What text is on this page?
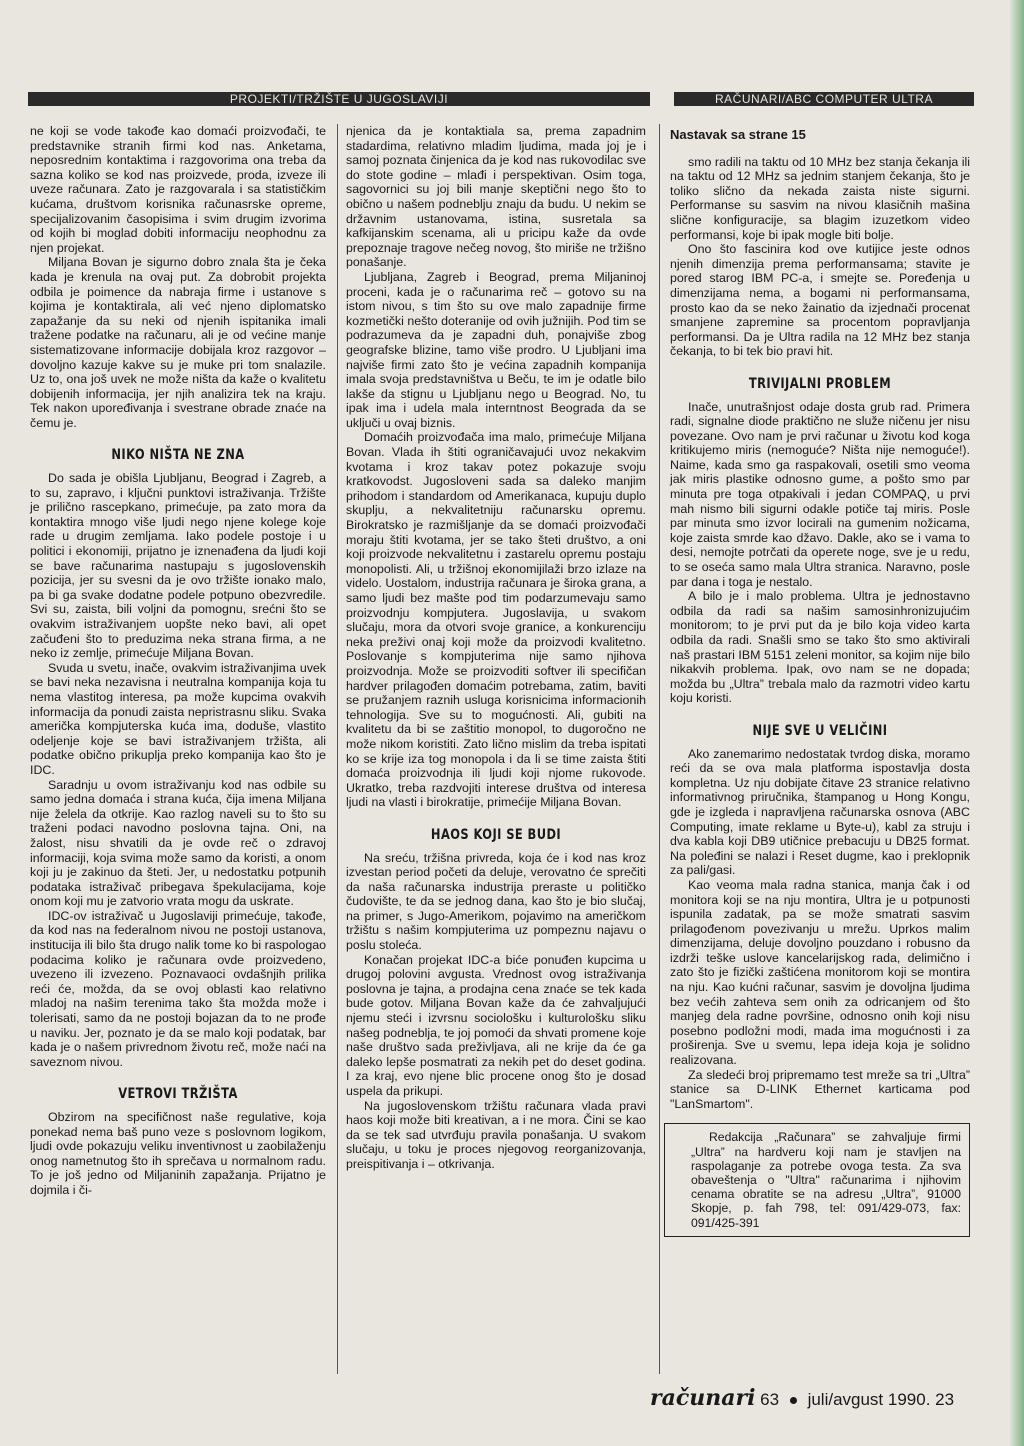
PROJEKTI/TRŽIŠTE U JUGOSLAVIJI	RAČUNARI/ABC COMPUTER ULTRA

ne koji se vode takođe kao domaći proizvođači, te predstavnike stranih firmi kod nas. Anketama, neposrednim kontaktima i razgovorima ona treba da sazna koliko se kod nas proizvede, proda, izveze ili uveze računara. Zato je razgovarala i sa statističkim kućama, društvom korisnika računasrske opreme, specijalizovanim časopisima i svim drugim izvorima od kojih bi moglad dobiti informaciju neophodnu za njen projekat.

Miljana Bovan je sigurno dobro znala šta je čeka kada je krenula na ovaj put. Za dobrobit projekta odbila je poimence da nabraja firme i ustanove s kojima je kontaktirala, ali već njeno diplomatsko zapažanje da su neki od njenih ispitanika imali tražene podatke na računaru, ali je od većine manje sistematizovane informacije dobijala kroz razgovor – dovoljno kazuje kakve su je muke pri tom snalazile. Uz to, ona još uvek ne može ništa da kaže o kvalitetu dobijenih informacija, jer njih analizira tek na kraju. Tek nakon upoređivanja i svestrane obrade znaće na čemu je.

NIKO NIŠTA NE ZNA

Do sada je obišla Ljubljanu, Beograd i Zagreb, a to su, zapravo, i ključni punktovi istraživanja. Tržište je prilično rascepkano, primećuje, pa zato mora da kontaktira mnogo više ljudi nego njene kolege koje rade u drugim zemljama. Iako podele postoje i u politici i ekonomiji, prijatno je iznenađena da ljudi koji se bave računarima nastupaju s jugoslovenskih pozicija, jer su svesni da je ovo tržište ionako malo, pa bi ga svake dodatne podele potpuno obezvredile. Svi su, zaista, bili voljni da pomognu, srećni što se ovakvim istraživanjem uopšte neko bavi, ali opet začuđeni što to preduzima neka strana firma, a ne neko iz zemlje, primećuje Miljana Bovan.

Svuda u svetu, inače, ovakvim istraživanjima uvek se bavi neka nezavisna i neutralna kompanija koja tu nema vlastitog interesa, pa može kupcima ovakvih informacija da ponudi zaista nepristrasnu sliku. Svaka američka kompjuterska kuća ima, doduše, vlastito odeljenje koje se bavi istraživanjem tržišta, ali podatke obično prikuplja preko kompanija kao što je IDC.

Saradnju u ovom istraživanju kod nas odbile su samo jedna domaća i strana kuća, čija imena Miljana nije želela da otkrije. Kao razlog naveli su to što su traženi podaci navodno poslovna tajna. Oni, na žalost, nisu shvatili da je ovde reč o zdravoj informaciji, koja svima može samo da koristi, a onom koji ju je zakinuo da šteti. Jer, u nedostatku potpunih podataka istraživač pribegava špekulacijama, koje onom koji mu je zatvorio vrata mogu da uskrate.

IDC-ov istraživač u Jugoslaviji primećuje, takođe, da kod nas na federalnom nivou ne postoji ustanova, institucija ili bilo šta drugo nalik tome ko bi raspologao podacima koliko je računara ovde proizvedeno, uvezeno ili izvezeno. Poznavaoci ovdašnjih prilika reći će, možda, da se ovoj oblasti kao relativno mladoj na našim terenima tako šta možda može i tolerisati, samo da ne postoji bojazan da to ne prođe u naviku. Jer, poznato je da se malo koji podatak, bar kada je o našem privrednom životu reč, može naći na saveznom nivou.

VETROVI TRŽIŠTA

Obzirom na specifičnost naše regulative, koja ponekad nema baš puno veze s poslovnom logikom, ljudi ovde pokazuju veliku inventivnost u zaobilaženju onog nametnutog što ih sprečava u normalnom radu. To je još jedno od Miljaninih zapažanja. Prijatno je dojmila i či-

njenica da je kontaktiala sa, prema zapadnim stadardima, relativno mladim ljudima, mada joj je i samoj poznata činjenica da je kod nas rukovodilac sve do stote godine – mlađi i perspektivan. Osim toga, sagovornici su joj bili manje skeptični nego što to obično u našem podneblju znaju da budu. U nekim se državnim ustanovama, istina, susretala sa kafkijanskim scenama, ali u pricipu kaže da ovde prepoznaje tragove nečeg novog, što miriše ne tržišno ponašanje.

Ljubljana, Zagreb i Beograd, prema Miljaninoj proceni, kada je o računarima reč – gotovo su na istom nivou, s tim što su ove malo zapadnije firme kozmetički nešto doteranije od ovih južnijih. Pod tim se podrazumeva da je zapadni duh, ponajviše zbog geografske blizine, tamo više prodro. U Ljubljani ima najviše firmi zato što je većina zapadnih kompanija imala svoja predstavništva u Beču, te im je odatle bilo lakše da stignu u Ljubljanu nego u Beograd. No, tu ipak ima i udela mala interntnost Beograda da se uključi u ovaj biznis.

Domaćih proizvođača ima malo, primećuje Miljana Bovan. Vlada ih štiti ograničavajući uvoz nekakvim kvotama i kroz takav potez pokazuje svoju kratkovodst. Jugosloveni sada sa daleko manjim prihodom i standardom od Amerikanaca, kupuju duplo skuplju, a nekvalitetniju računarsku opremu. Birokratsko je razmišljanje da se domaći proizvođači moraju štiti kvotama, jer se tako šteti društvo, a oni koji proizvode nekvalitetnu i zastarelu opremu postaju monopolisti. Ali, u tržišnoj ekonomijilaži brzo izlaze na videlo. Uostalom, industrija računara je široka grana, a samo ljudi bez mašte pod tim podarzumevaju samo proizvodnju kompjutera. Jugoslavija, u svakom slučaju, mora da otvori svoje granice, a konkurenciju neka preživi onaj koji može da proizvodi kvalitetno. Poslovanje s kompjuterima nije samo njihova proizvodnja. Može se proizvoditi softver ili specifičan hardver prilagođen domaćim potrebama, zatim, baviti se pružanjem raznih usluga korisnicima informacionih tehnologija. Sve su to mogućnosti. Ali, gubiti na kvalitetu da bi se zaštitio monopol, to dugoročno ne može nikom koristiti. Zato lično mislim da treba ispitati ko se krije iza tog monopola i da li se time zaista štiti domaća proizvodnja ili ljudi koji njome rukovode. Ukratko, treba razdvojiti interese društva od interesa ljudi na vlasti i birokratije, primećije Miljana Bovan.

HAOS KOJI SE BUDI

Na sreću, tržišna privreda, koja će i kod nas kroz izvestan period početi da deluje, verovatno će sprečiti da naša računarska industrija preraste u političko čudovište, te da se jednog dana, kao što je bio slučaj, na primer, s Jugo-Amerikom, pojavimo na američkom tržištu s našim kompjuterima uz pompeznu najavu o poslu stoleća.

Konačan projekat IDC-a biće ponuđen kupcima u drugoj polovini avgusta. Vrednost ovog istraživanja poslovna je tajna, a prodajna cena znaće se tek kada bude gotov. Miljana Bovan kaže da će zahvaljujući njemu steći i izvrsnu sociološku i kulturološku sliku našeg podneblja, te joj pomoći da shvati promene koje naše društvo sada preživljava, ali ne krije da će ga daleko lepše posmatrati za nekih pet do deset godina. I za kraj, evo njene blic procene onog što je dosad uspela da prikupi.

Na jugoslovenskom tržištu računara vlada pravi haos koji može biti kreativan, a i ne mora. Čini se kao da se tek sad utvrđuju pravila ponašanja. U svakom slučaju, u toku je proces njegovog reorganizovanja, preispitivanja i – otkrivanja.

Nastavak sa strane 15

smo radili na taktu od 10 MHz bez stanja čekanja ili na taktu od 12 MHz sa jednim stanjem čekanja, što je toliko slično da nekada zaista niste sigurni. Performanse su sasvim na nivou klasičnih mašina slične konfiguracije, sa blagim izuzetkom video performansi, koje bi ipak mogle biti bolje.

Ono što fascinira kod ove kutijice jeste odnos njenih dimenzija prema performansama; stavite je pored starog IBM PC-a, i smejte se. Poređenja u dimenzijama nema, a bogami ni performansama, prosto kao da se neko žainatio da izjednači procenat smanjene zapremine sa procentom popravljanja performansi. Da je Ultra radila na 12 MHz bez stanja čekanja, to bi tek bio pravi hit.

TRIVIJALNI PROBLEM

Inače, unutrašnjost odaje dosta grub rad. Primera radi, signalne diode praktično ne služe ničenu jer nisu povezane. Ovo nam je prvi računar u životu kod koga kritikujemo miris (nemoguće? Ništa nije nemoguće!). Naime, kada smo ga raspakovali, osetili smo veoma jak miris plastike odnosno gume, a pošto smo par minuta pre toga otpakivali i jedan COMPAQ, u prvi mah nismo bili sigurni odakle potiče taj miris. Posle par minuta smo izvor locirali na gumenim nožicama, koje zaista smrde kao džavo. Dakle, ako se i vama to desi, nemojte potrčati da operete noge, sve je u redu, to se oseća samo mala Ultra stranica. Naravno, posle par dana i toga je nestalo.

A bilo je i malo problema. Ultra je jednostavno odbila da radi sa našim samosinhronizujućim monitorom; to je prvi put da je bilo koja video karta odbila da radi. Snašli smo se tako što smo aktivirali naš prastari IBM 5151 zeleni monitor, sa kojim nije bilo nikakvih problema. Ipak, ovo nam se ne dopada; možda bu „Ultra” trebala malo da razmotri video kartu koju koristi.

NIJE SVE U VELIČINI

Ako zanemarimo nedostatak tvrdog diska, moramo reći da se ova mala platforma ispostavlja dosta kompletna. Uz nju dobijate čitave 23 stranice relativno informativnog priručnika, štampanog u Hong Kongu, gde je izgleda i napravljena računarska osnova (ABC Computing, imate reklame u Byte-u), kabl za struju i dva kabla koji DB9 utičnice prebacuju u DB25 format. Na poleđini se nalazi i Reset dugme, kao i preklopnik za pali/gasi.

Kao veoma mala radna stanica, manja čak i od monitora koji se na nju montira, Ultra je u potpunosti ispunila zadatak, pa se može smatrati sasvim prilagođenom povezivanju u mrežu. Uprkos malim dimenzijama, deluje dovoljno pouzdano i robusno da izdrži teške uslove kancelarijskog rada, delimično i zato što je fizički zaštićena monitorom koji se montira na nju. Kao kućni računar, sasvim je dovoljna ljudima bez većih zahteva sem onih za odricanjem od što manjeg dela radne površine, odnosno onih koji nisu posebno podložni modi, mada ima mogućnosti i za proširenja. Sve u svemu, lepa ideja koja je solidno realizovana.

Za sledeći broj pripremamo test mreže sa tri „Ultra” stanice sa D-LINK Ethernet karticama pod "LanSmartom".

Redakcija „Računara” se zahvaljuje firmi „Ultra” na hardveru koji nam je stavljen na raspolaganje za potrebe ovoga testa. Za sva obaveštenja o "Ultra" računarima i njihovim cenama obratite se na adresu „Ultra”, 91000 Skopje, p. fah 798, tel: 091/429-073, fax: 091/425-391

računari 63 juli/avgust 1990. 23
